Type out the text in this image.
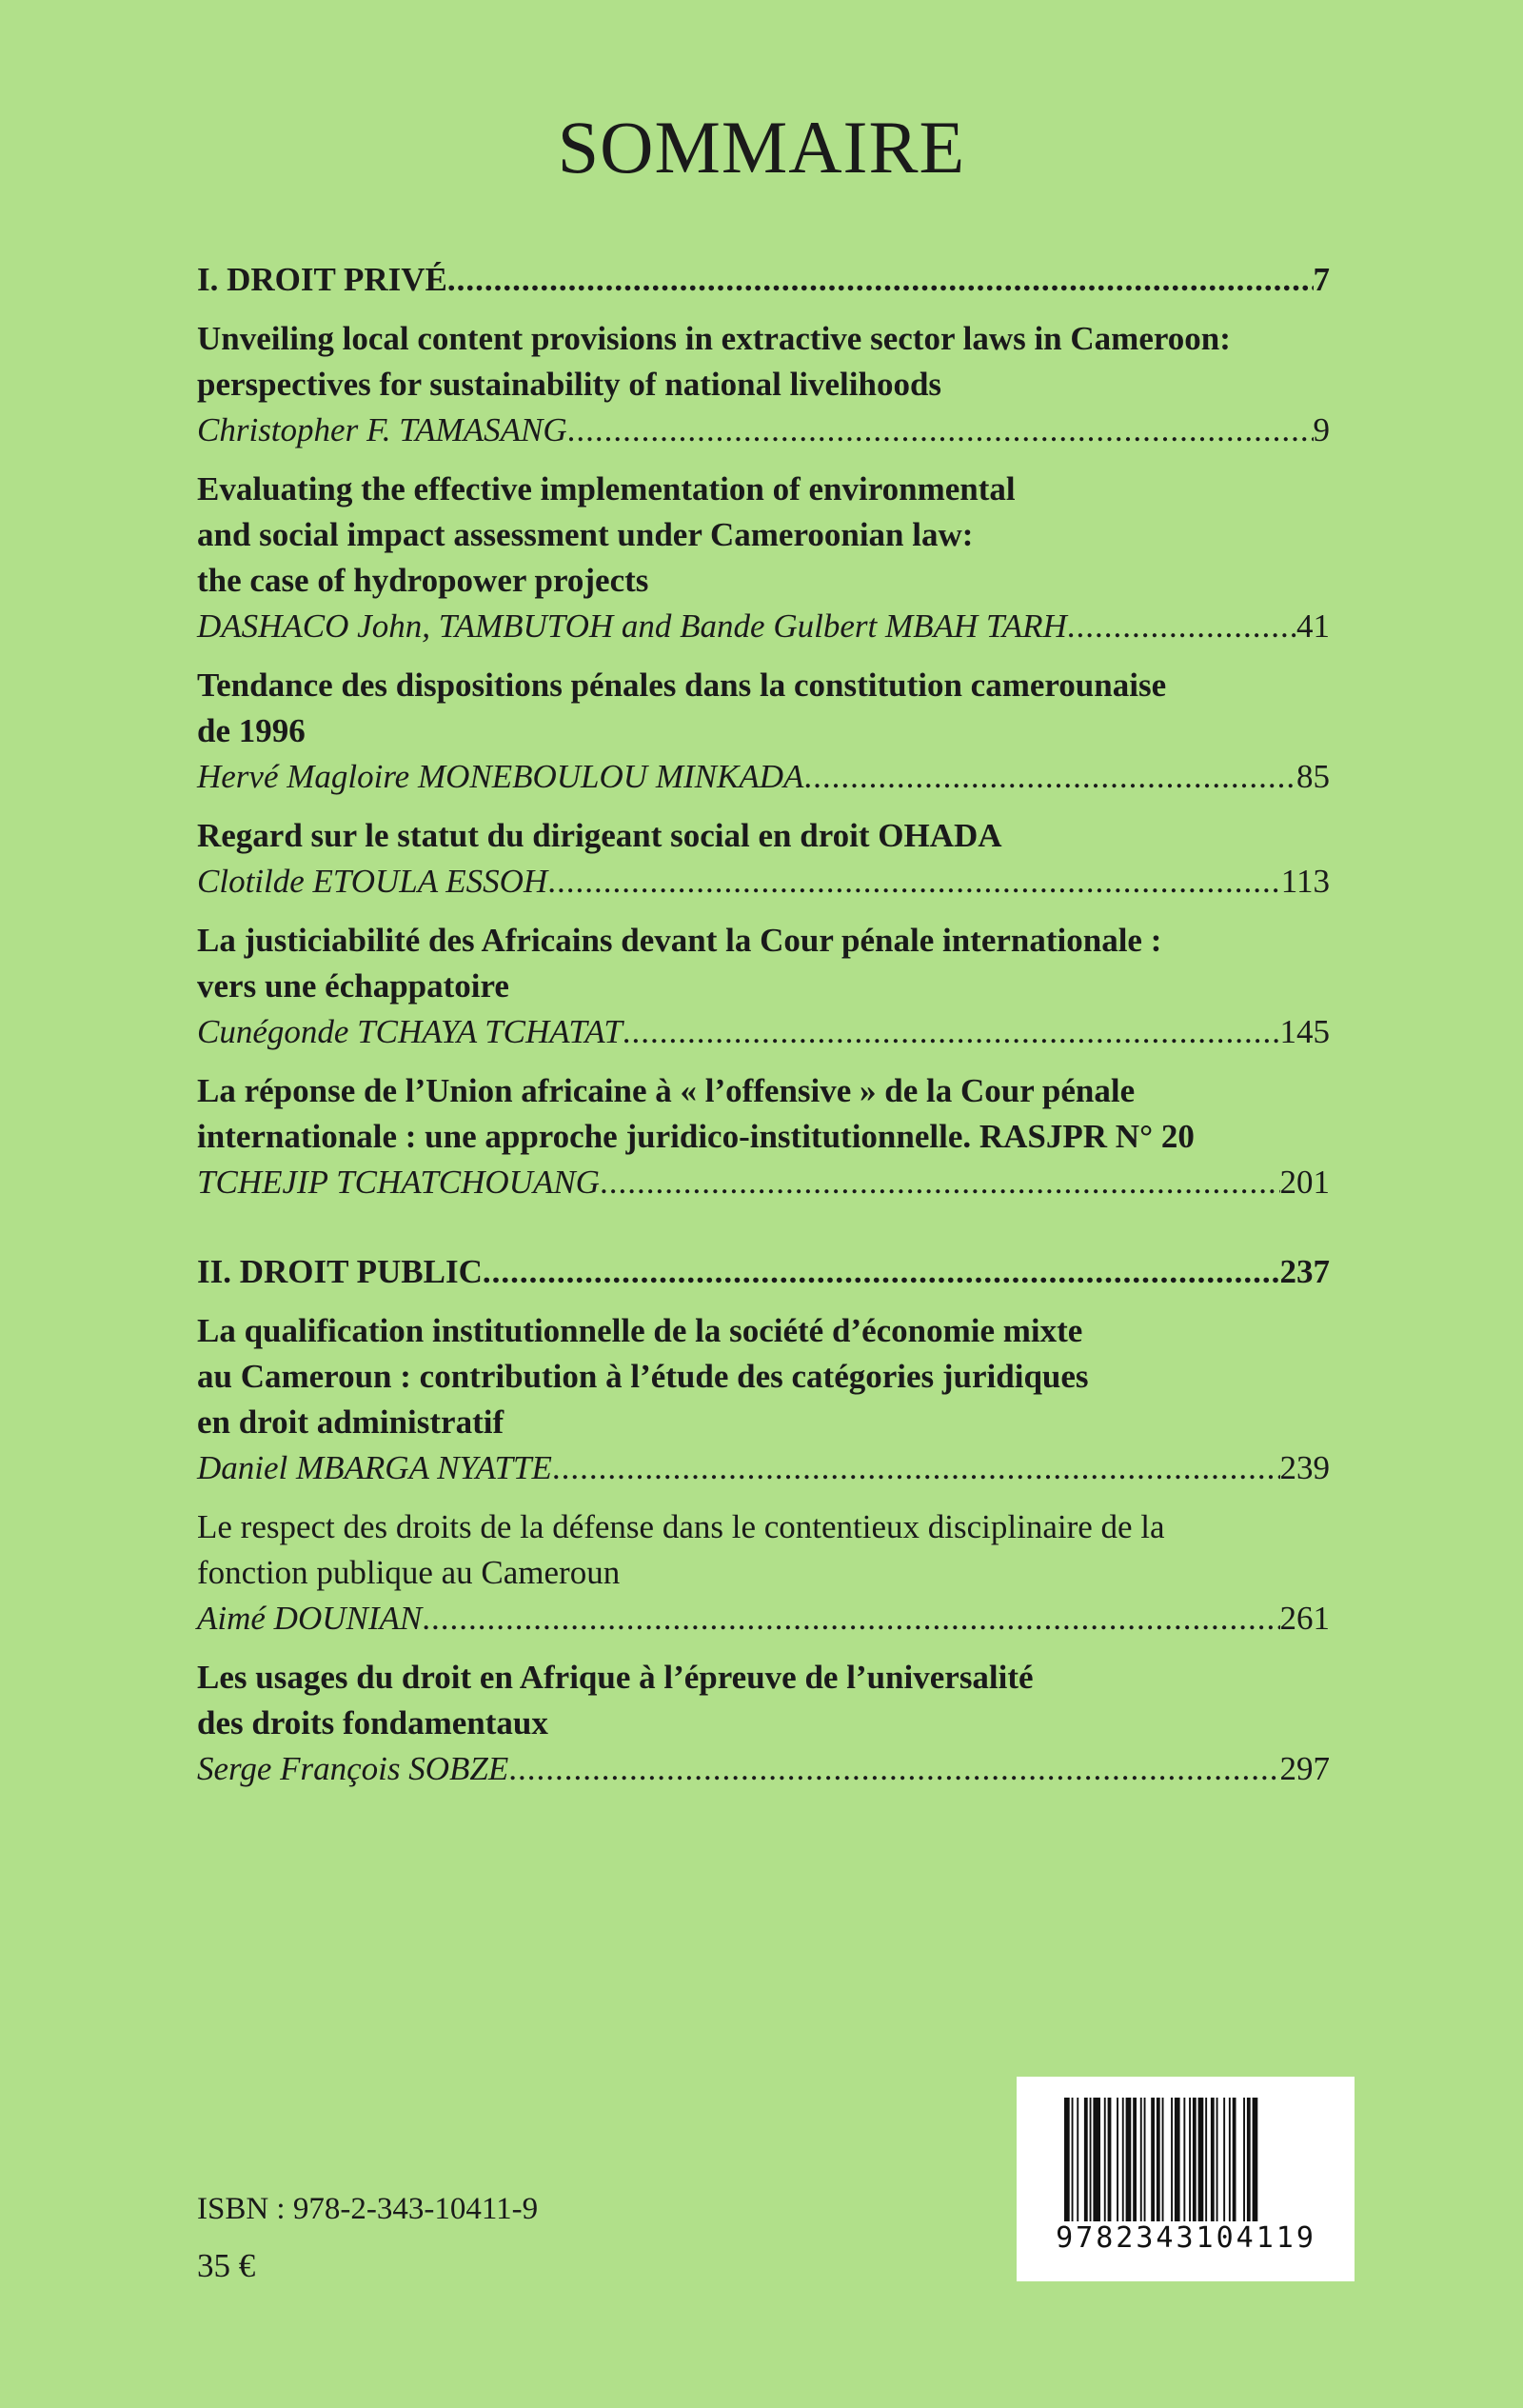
SOMMAIRE
I. DROIT PRIVÉ .....	7
Unveiling local content provisions in extractive sector laws in Cameroon:
perspectives for sustainability of national livelihoods
Christopher F. TAMASANG .....	9
Evaluating the effective implementation of environmental
and social impact assessment under Cameroonian law:
the case of hydropower projects
DASHACO John, TAMBUTOH and Bande Gulbert MBAH TARH .....	41
Tendance des dispositions pénales dans la constitution camerounaise
de 1996
Hervé Magloire MONEBOULOU MINKADA .....	85
Regard sur le statut du dirigeant social en droit OHADA
Clotilde ETOULA ESSOH .....	113
La justiciabilité des Africains devant la Cour pénale internationale :
vers une échappatoire
Cunégonde TCHAYA TCHATAT .....	145
La réponse de l’Union africaine à « l’offensive » de la Cour pénale
internationale : une approche juridico-institutionnelle. RASJPR N° 20
TCHEJIP TCHATCHOUANG .....	201
II. DROIT PUBLIC .....	237
La qualification institutionnelle de la société d’économie mixte
au Cameroun : contribution à l’étude des catégories juridiques
en droit administratif
Daniel MBARGA NYATTE .....	239
Le respect des droits de la défense dans le contentieux disciplinaire de la
fonction publique au Cameroun
Aimé DOUNIAN .....	261
Les usages du droit en Afrique à l’épreuve de l’universalité
des droits fondamentaux
Serge François SOBZE .....	297
9782343104119
ISBN : 978-2-343-10411-9
35 €
